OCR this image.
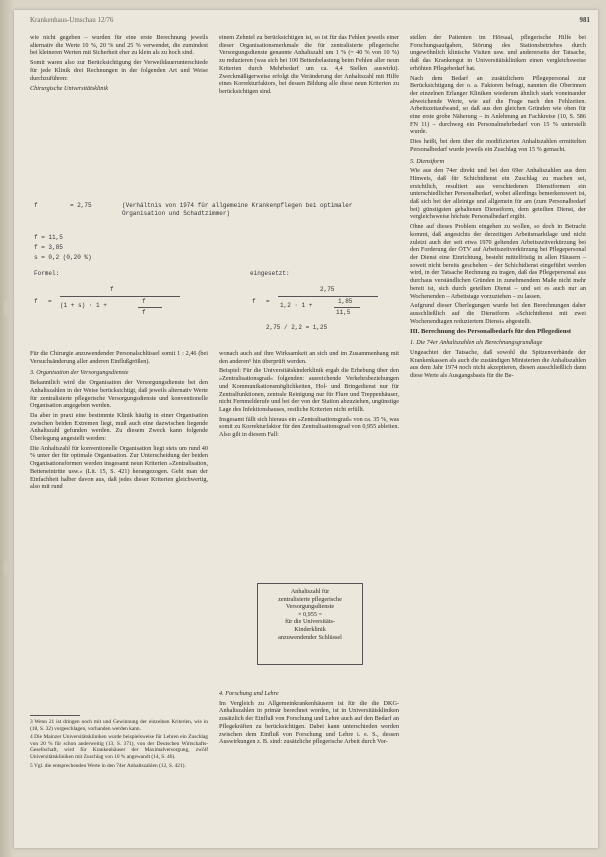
Krankenhaus-Umschau 12/76	981

wie nicht gegeben – wurden für eine erste Berechnung jeweils alternativ die Werte 10 %, 20 % und 25 % verwendet, die zumindest bei kleineren Werten mit Sicherheit eher zu klein als zu hoch sind.

Somit waren also zur Berücksichtigung der Verweildauerunterschiede für jede Klinik drei Rechnungen in der folgenden Art und Weise durchzuführen:

Chirurgische Universitätsklinik

f	= 2,75	(Verhältnis von 1974 für allgemeine Krankenpflegen bei optimaler Organisation und Schadtzimmer)
f = 11,5
f = 3,85
s = 0,2 (0,20 %)
Formel:	eingesetzt:
f =
f
(1 + s) · 1 +
f
f
f =
2,75
1,2 · 1 +
1,85
11,5
2,75 / 2,2 = 1,25

Für die Chirurgie anzuwendender Personalschlüssel somit 1 : 2,46 (bei Versuchsänderung aller anderen Einflußgrößen).

3. Organisation der Versorgungsdienste

Bekanntlich wird die Organisation der Versorgungsdienste bei den Anhaltszahlen in der Weise berücksichtigt, daß jeweils alternativ Werte für zentralisierte pflegerische Versorgungsdienste und konventionelle Organisation angegeben werden.

Da aber in praxi eine bestimmte Klinik häufig in einer Organisation zwischen beiden Extremen liegt, muß auch eine dazwischen liegende Anhaltszahl gefunden werden. Zu diesem Zweck kann folgende Überlegung angestellt werden:

Die Anhaltszahl für konventionelle Organisation liegt stets um rund 40 % unter der für optimale Organisation. Zur Unterscheidung der beiden Organisationsformen werden insgesamt neun Kriterien »Zentralisation, Betteneintritte usw.« (Lit. 15, S. 421) herangezogen. Geht man der Einfachheit halber davon aus, daß jedes dieser Kriterien gleichwertig, also mit rund

3 Wenn 21 ist dringen noch mit und Gewinnung der einzelnen Kriterien, wie in (18, S. 32) vorgeschlagen, vorhanden werden kann.

4 Die Mainzer Universitätskliniken wurde beispielsweise für Lehren ein Zuschlag von 20 % für schon anderweitig (13, S. 371), von der Deutschen Wirtschafts-Gesellschaft, wird für Krankenhäuser der Maximalversorgung, zwölf Universitätskliniken mit Zuschlag von 10 % angewandt (14, S. 46).

5 Vgl. die entsprechenden Werte in den 74er Anhaltszahlen (12, S. 421).

einem Zehntel zu berücksichtigen ist, so ist für das Fehlen jeweils einer dieser Organisationsmerkmale die für zentralisierte pflegerische Versorgungsdienste genannte Anhaltszahl um 1 % (= 40 % von 10 %) zu reduzieren (was sich bei 100 Bettenbelastung beim Fehlen aller neun Kriterien durch Mehrbedarf um ca. 4,4 Stellen auswirkt). Zweckmäßigerweise erfolgt die Veränderung der Anhaltszahl mit Hilfe eines Korrekturfaktors, bei dessen Bildung alle diese neun Kriterien zu berücksichtigen sind.

wonach auch auf ihre Wirksamkeit an sich und im Zusammenhang mit den anderen⁵ hin überprüft werden.

Beispiel: Für die Universitätskinderklinik ergab die Erhebung über den »Zentralisationsgrad« folgenden: ausreichende Verkehrsbeziehungen und Kommunikationsmöglichkeiten, Hol- und Bringedienst nur für Zentralfunktionen, zentrale Reinigung nur für Flure und Treppenhäuser, nicht Fernmelderufe und bei der von der Station abzuziehen, ungünstige Lage des Infektionshauses, restliche Kriterien nicht erfüllt.

Insgesamt fällt sich hieraus ein »Zentralisationsgrad« von ca. 35 %, was somit zu Korrekturfaktor für den Zentralisationsgrad von 0,955 ableiten. Also gilt in diesem Fall:

Anhaltszahl für
zentralisierte pflegerische
Versorgungsdienste
× 0,955 =
für die Universitäts-
Kinderklinik
anzuwendender Schlüssel

4. Forschung und Lehre

Im Vergleich zu Allgemeinkrankenhäusern ist für die die DKG-Anhaltszahlen in primär berechnet worden, ist in Universitätskliniken zusätzlich der Einfluß von Forschung und Lehre auch auf den Bedarf an Pflegekräften zu berücksichtigen. Dabei kann unterschieden werden zwischen dem Einfluß von Forschung und Lehre i. e. S., dessen Auswirkungen z. B. sind: zusätzliche pflegerische Arbeit durch Vor-

stellen der Patienten im Hörsaal, pflegerische Hilfe bei Forschungsaufgaben, Störung des Stationsbetriebes durch ungewöhnlich klinische Visiten usw. und andererseits der Tatsache, daß das Krankengut in Universitätskliniken einen vergleichsweise erhöhten Pflegebedarf hat.

Nach dem Bedarf an zusätzlichem Pflegepersonal zur Berücksichtigung der o. a. Faktoren befragt, nannten die Oberinnen der einzelnen Erlanger Kliniken wiederum ähnlich stark voneinander abweichende Werte, wie auf die Frage nach den Fehlzeiten. Arbeitszeitaufwand, so daß aus den gleichen Gründen wie oben für eine erste grobe Näherung – in Anlehnung an Fachkreise (10, S. 586 FN 11) – durchweg ein Personalmehrbedarf von 15 % unterstellt wurde.

Dies heißt, bei dem über die modifizierten Anhaltszahlen ermittelten Personalbedarf wurde jeweils ein Zuschlag von 15 % gemacht.

5. Dienstform

Wie aus den 74er direkt und bei den 69er Anhaltszahlen aus dem Hinweis, daß für Schichtdienst ein Zuschlag zu machen sei, ersichtlich, resultiert aus verschiedenen Dienstformen ein unterschiedlicher Personalbedarf, wobei allerdings bemerkenswert ist, daß sich bei der alleinige und allgemein für am (zum Personalbedarf bei) günstigsten gehaltenen Dienstform, dem geteilten Dienst, der vergleichsweise höchste Personalbedarf ergibt.

Ohne auf dieses Problem eingehen zu wollen, so doch in Betracht kommt, daß angesichts der derzeitigen Arbeitsmarktlage und nicht zuletzt auch der seit etwa 1970 geltenden Arbeitszeitverkürzung bei den Forderung der ÖTV auf Arbeitszeitverkürzung bei Pflegepersonal der Dienst eine Einrichtung, besteht mittelfristig in allen Häusern – soweit nicht bereits geschehen – der Schichtdienst eingeführt werden wird, in der Tatsache Rechnung zu tragen, daß das Pflegepersonal aus durchaus verständlichen Gründen in zunehmendem Maße nicht mehr bereit ist, sich durch geteilten Dienst – und sei es auch nur an Wochenenden – Arbeitstage vorzuziehen – zu lassen.

Aufgrund dieser Überlegungen wurde bei den Berechnungen daher ausschließlich auf die Dienstform »Schichtdienst mit zwei Wochenendtagen reduziertem Dienst« abgestellt.

III. Berechnung des Personalbedarfs für den Pflegedienst

1. Die 74er Anhaltszahlen als Berechnungsgrundlage

Ungeachtet der Tatsache, daß sowohl die Spitzenverbände der Krankenkassen als auch die zuständigen Ministerien die Anhaltszahlen aus dem Jahr 1974 noch nicht akzeptieren, diesen ausschließlich dann diese Werte als Ausgangsbasis für die Be-
